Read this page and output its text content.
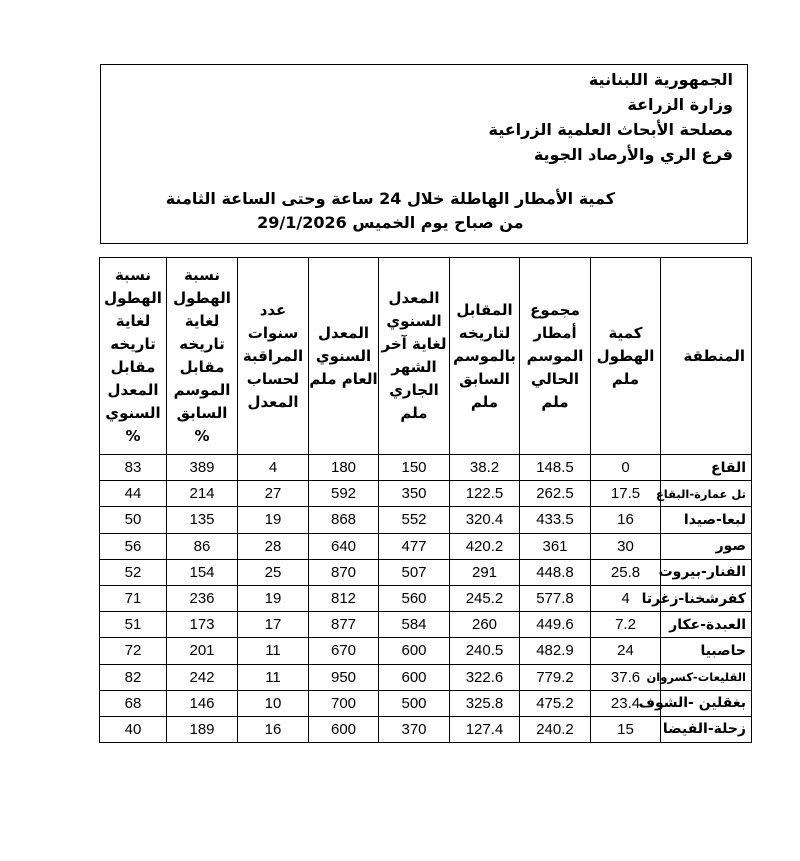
الجمهورية اللبنانية
وزارة الزراعة
مصلحة الأبحاث العلمية الزراعية
فرع الري والأرصاد الجوية
كمية الأمطار الهاطلة خلال 24 ساعة وحتى الساعة الثامنة
من صباح يوم الخميس 29/1/2026
المنطقة	كمية الهطول ملم	مجموع أمطار الموسم الحالي ملم	المقابل لتاريخه بالموسم السابق ملم	المعدل السنوي لغاية آخر الشهر الجاري ملم	المعدل السنوي العام ملم	عدد سنوات المراقبة لحساب المعدل	نسبة الهطول لغاية تاريخه مقابل الموسم السابق %	نسبة الهطول لغاية تاريخه مقابل المعدل السنوي %
القاع	0	148.5	38.2	150	180	4	389	83
تل عمارة-البقاع	17.5	262.5	122.5	350	592	27	214	44
لبعا-صيدا	16	433.5	320.4	552	868	19	135	50
صور	30	361	420.2	477	640	28	86	56
الفنار-بيروت	25.8	448.8	291	507	870	25	154	52
كفرشخنا-زغرتا	4	577.8	245.2	560	812	19	236	71
العبدة-عكار	7.2	449.6	260	584	877	17	173	51
حاصبيا	24	482.9	240.5	600	670	11	201	72
القليعات-كسروان	37.6	779.2	322.6	600	950	11	242	82
بغقلين -الشوف	23.4	475.2	325.8	500	700	10	146	68
زحلة-الفيضا	15	240.2	127.4	370	600	16	189	40
